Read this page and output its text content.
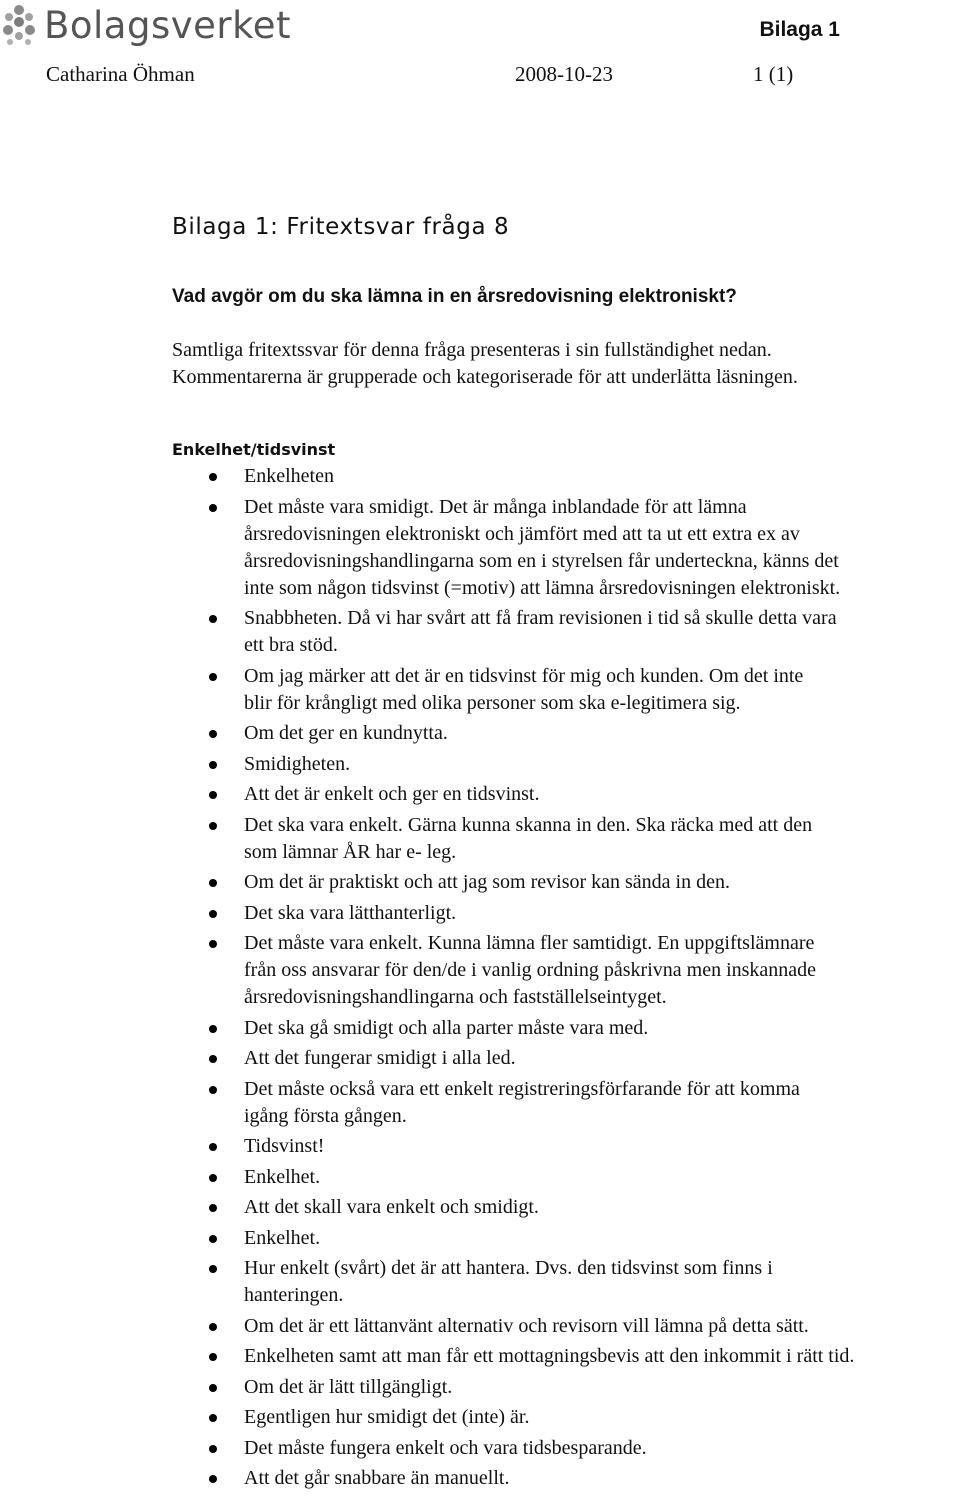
Bolagsverket	Bilaga 1
Catharina Öhman	2008-10-23	1 (1)
Bilaga 1: Fritextsvar fråga 8
Vad avgör om du ska lämna in en årsredovisning elektroniskt?
Samtliga fritextssvar för denna fråga presenteras i sin fullständighet nedan.
Kommentarerna är grupperade och kategoriserade för att underlätta läsningen.
Enkelhet/tidsvinst
Enkelheten
Det måste vara smidigt. Det är många inblandade för att lämna
årsredovisningen elektroniskt och jämfört med att ta ut ett extra ex av
årsredovisningshandlingarna som en i styrelsen får underteckna, känns det
inte som någon tidsvinst (=motiv) att lämna årsredovisningen elektroniskt.
Snabbheten. Då vi har svårt att få fram revisionen i tid så skulle detta vara
ett bra stöd.
Om jag märker att det är en tidsvinst för mig och kunden. Om det inte
blir för krångligt med olika personer som ska e-legitimera sig.
Om det ger en kundnytta.
Smidigheten.
Att det är enkelt och ger en tidsvinst.
Det ska vara enkelt. Gärna kunna skanna in den. Ska räcka med att den
som lämnar ÅR har e- leg.
Om det är praktiskt och att jag som revisor kan sända in den.
Det ska vara lätthanterligt.
Det måste vara enkelt. Kunna lämna fler samtidigt. En uppgiftslämnare
från oss ansvarar för den/de i vanlig ordning påskrivna men inskannade
årsredovisningshandlingarna och fastställelseintyget.
Det ska gå smidigt och alla parter måste vara med.
Att det fungerar smidigt i alla led.
Det måste också vara ett enkelt registreringsförfarande för att komma
igång första gången.
Tidsvinst!
Enkelhet.
Att det skall vara enkelt och smidigt.
Enkelhet.
Hur enkelt (svårt) det är att hantera. Dvs. den tidsvinst som finns i
hanteringen.
Om det är ett lättanvänt alternativ och revisorn vill lämna på detta sätt.
Enkelheten samt att man får ett mottagningsbevis att den inkommit i rätt tid.
Om det är lätt tillgängligt.
Egentligen hur smidigt det (inte) är.
Det måste fungera enkelt och vara tidsbesparande.
Att det går snabbare än manuellt.
